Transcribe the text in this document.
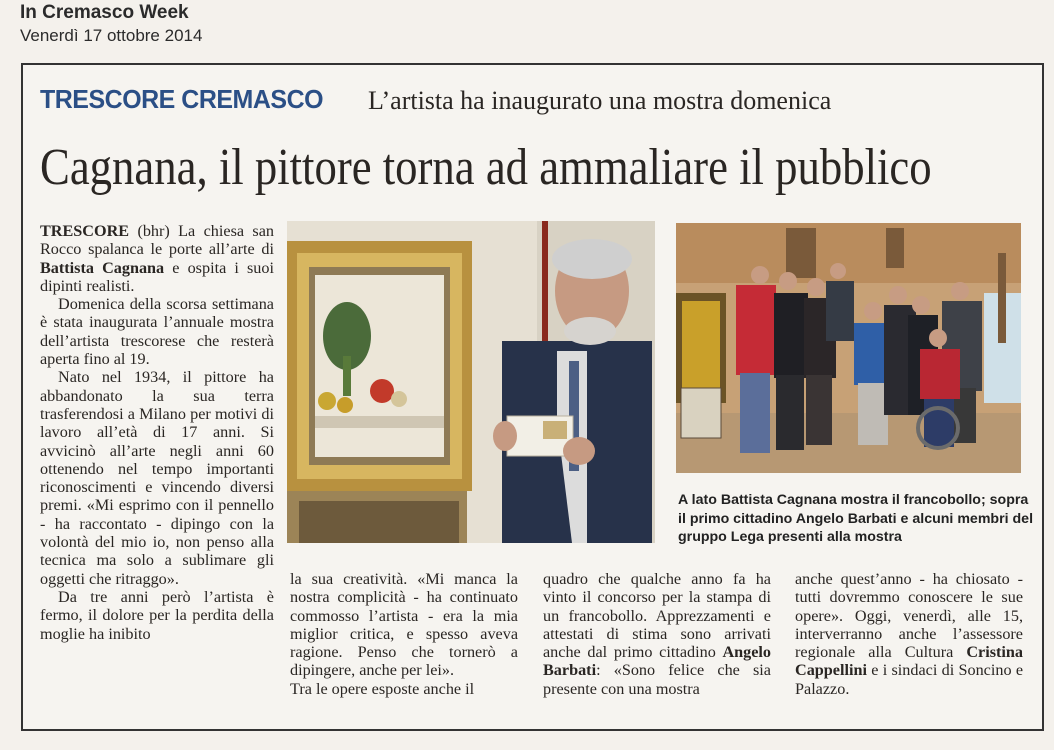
In Cremasco Week
Venerdì 17 ottobre 2014
TRESCORE CREMASCO L’artista ha inaugurato una mostra domenica
Cagnana, il pittore torna ad ammaliare il pubblico

TRESCORE (bhr) La chiesa san Rocco spalanca le porte all’arte di Battista Cagnana e ospita i suoi dipinti realisti.

Domenica della scorsa settimana è stata inaugurata l’annuale mostra dell’artista trescorese che resterà aperta fino al 19.

Nato nel 1934, il pittore ha abbandonato la sua terra trasferendosi a Milano per motivi di lavoro all’età di 17 anni. Si avvicinò all’arte negli anni 60 ottenendo nel tempo importanti riconoscimenti e vincendo diversi premi. «Mi esprimo con il pennello - ha raccontato - dipingo con la volontà del mio io, non penso alla tecnica ma solo a sublimare gli oggetti che ritraggo».

Da tre anni però l’artista è fermo, il dolore per la perdita della moglie ha inibito

A lato Battista Cagnana mostra il francobollo; sopra il primo cittadino Angelo Barbati e alcuni membri del gruppo Lega presenti alla mostra

la sua creatività. «Mi manca la nostra complicità - ha continuato commosso l’artista - era la mia miglior critica, e spesso aveva ragione. Penso che tornerò a dipingere, anche per lei».

Tra le opere esposte anche il

quadro che qualche anno fa ha vinto il concorso per la stampa di un francobollo. Apprezzamenti e attestati di stima sono arrivati anche dal primo cittadino Angelo Barbati: «Sono felice che sia presente con una mostra

anche quest’anno - ha chiosato - tutti dovremmo conoscere le sue opere». Oggi, venerdì, alle 15, interverranno anche l’assessore regionale alla Cultura Cristina Cappellini e i sindaci di Soncino e Palazzo.
